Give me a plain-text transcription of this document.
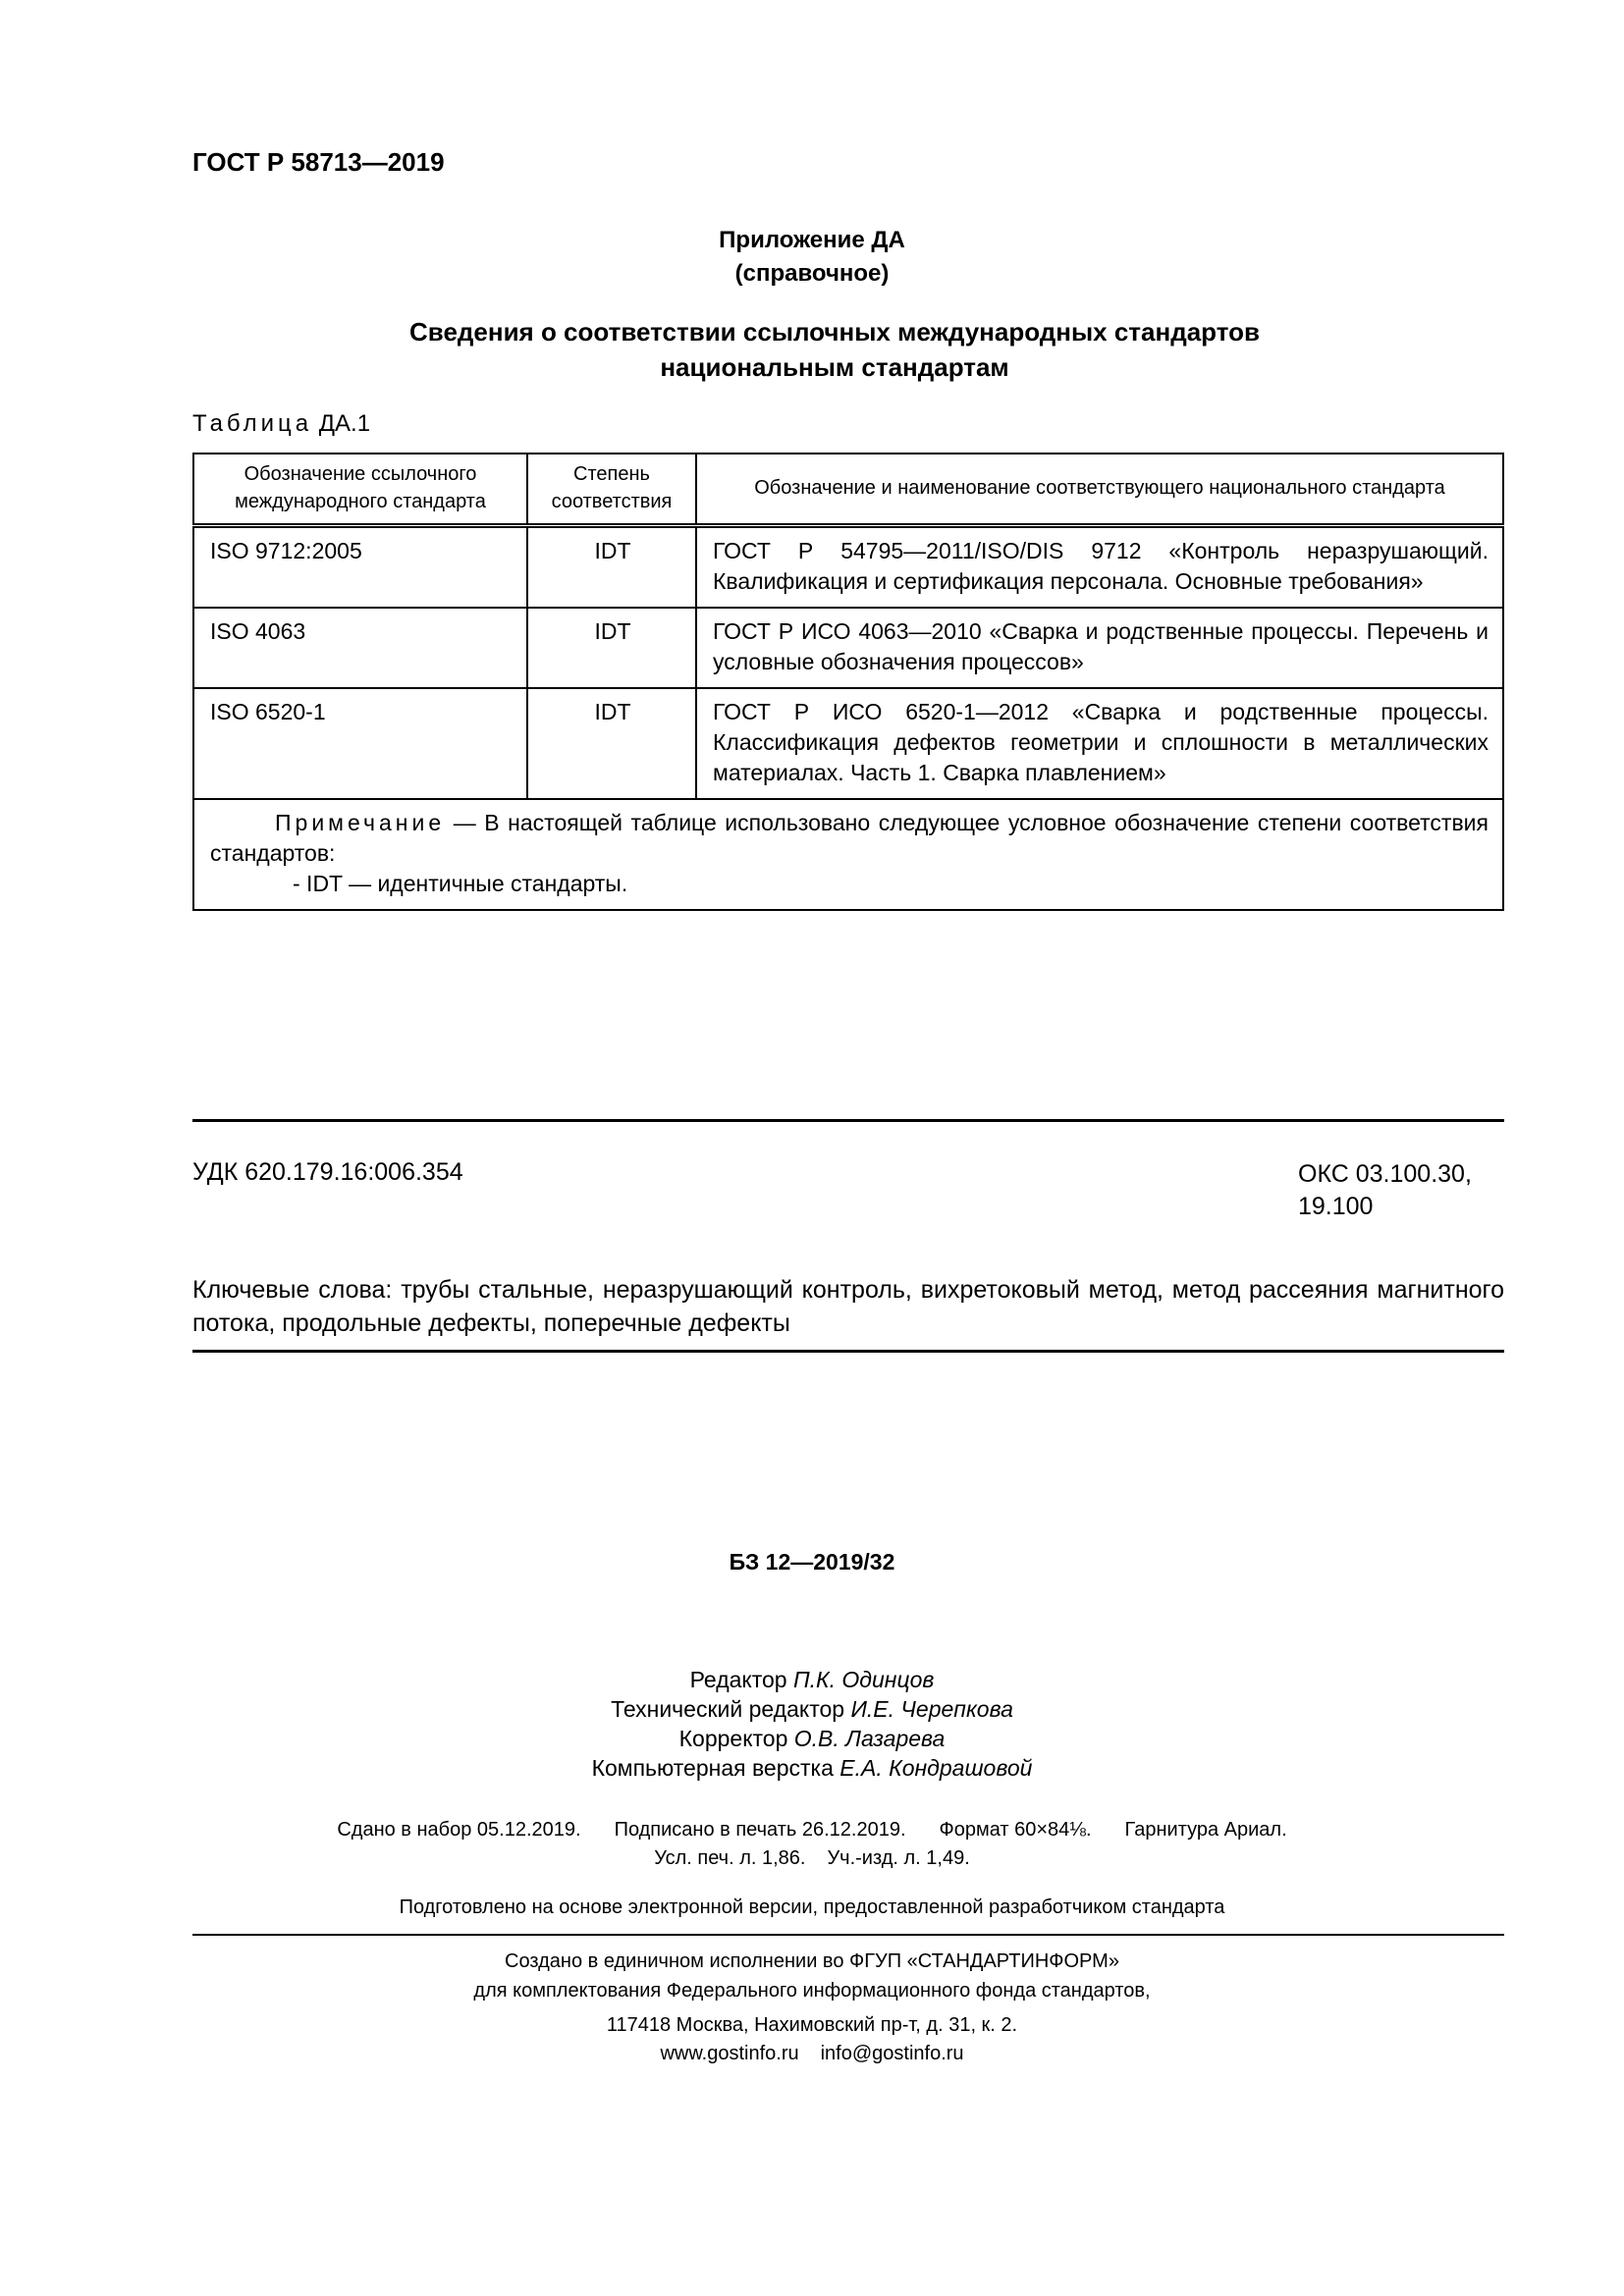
ГОСТ Р 58713—2019
Приложение ДА
(справочное)
Сведения о соответствии ссылочных международных стандартов
национальным стандартам
Таблица ДА.1
Обозначение ссылочного международного стандарта	Степень соответствия	Обозначение и наименование соответствующего национального стандарта
ISO 9712:2005	IDT	ГОСТ Р 54795—2011/ISO/DIS 9712 «Контроль неразрушающий. Квалификация и сертификация персонала. Основные требования»
ISO 4063	IDT	ГОСТ Р ИСО 4063—2010 «Сварка и родственные процессы. Перечень и условные обозначения процессов»
ISO 6520-1	IDT	ГОСТ Р ИСО 6520-1—2012 «Сварка и родственные процессы. Классификация дефектов геометрии и сплошности в металлических материалах. Часть 1. Сварка плавлением»

Примечание — В настоящей таблице использовано следующее условное обозначение степени соответствия стандартов:
- IDT — идентичные стандарты.		
УДК 620.179.16:006.354	ОКС 03.100.30,
19.100
Ключевые слова: трубы стальные, неразрушающий контроль, вихретоковый метод, метод рассеяния магнитного потока, продольные дефекты, поперечные дефекты
БЗ 12—2019/32
Редактор П.К. Одинцов
Технический редактор И.Е. Черепкова
Корректор О.В. Лазарева
Компьютерная верстка Е.А. Кондрашовой
Сдано в набор 05.12.2019. Подписано в печать 26.12.2019. Формат 60×84⅛. Гарнитура Ариал.
Усл. печ. л. 1,86. Уч.-изд. л. 1,49.
Подготовлено на основе электронной версии, предоставленной разработчиком стандарта
Создано в единичном исполнении во ФГУП «СТАНДАРТИНФОРМ»
для комплектования Федерального информационного фонда стандартов,
117418 Москва, Нахимовский пр-т, д. 31, к. 2.
www.gostinfo.ru info@gostinfo.ru
